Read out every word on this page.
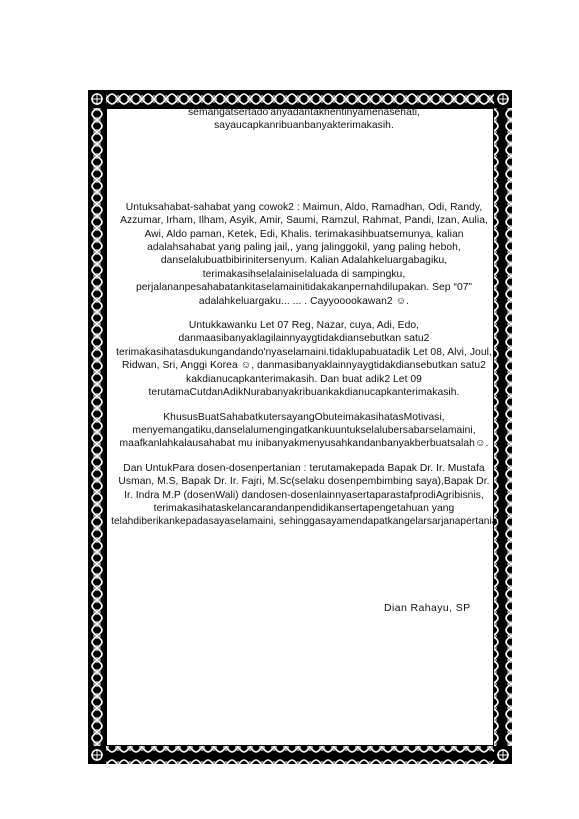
semangatsertado'anyadantakhentinyamenasehati,
sayaucapkanribuanbanyakterimakasih.

Untuksahabat-sahabat yang cowok2 : Maimun, Aldo, Ramadhan, Odi, Randy,
Azzumar, Irham, Ilham, Asyik, Amir, Saumi, Ramzul, Rahmat, Pandi, Izan, Aulia,
Awi, Aldo paman, Ketek, Edi, Khalis. terimakasihbuatsemunya, kalian
adalahsahabat yang paling jail,, yang jalinggokil, yang paling heboh,
danselalubuatbibirinitersenyum. Kalian Adalahkeluargabagiku,
terimakasihselalainiselaluada di sampingku,
perjalananpesahabatankitaselamainitidakakanpernahdilupakan. Sep “07”
adalahkeluargaku... ... . Cayyooookawan2 ☺.

Untukkawanku Let 07 Reg, Nazar, cuya, Adi, Edo,
danmaasibanyaklagilainnyaygtidakdiansebutkan satu2
terimakasihatasdukungandando'nyaselamaini.tidaklupabuatadik Let 08, Alvi, Joul,
Ridwan, Sri, Anggi Korea ☺, danmasibanyaklainnyaygtidakdiansebutkan satu2
kakdianucapkanterimakasih. Dan buat adik2 Let 09
terutamaCutdanAdikNurabanyakribuankakdianucapkanterimakasih.

KhususBuatSahabatkutersayangObuteimakasihatasMotivasi,
menyemangatiku,danselalumengingatkankuuntukselalubersabarselamaini,
maafkanlahkalausahabat mu inibanyakmenyusahkandanbanyakberbuatsalah☺.

Dan UntukPara dosen-dosenpertanian : terutamakepada Bapak Dr. Ir. Mustafa
Usman, M.S, Bapak Dr. Ir. Fajri, M.Sc(selaku dosenpembimbing saya),Bapak Dr.
Ir. Indra M.P (dosenWali) dandosen-dosenlainnyasertaparastafprodiAgribisnis,
terimakasihataskelancarandanpendidikansertapengetahuan yang
telahdiberikankepadasayaselamaini, sehinggasayamendapatkangelarsarjanapertanian

Dian Rahayu, SP
